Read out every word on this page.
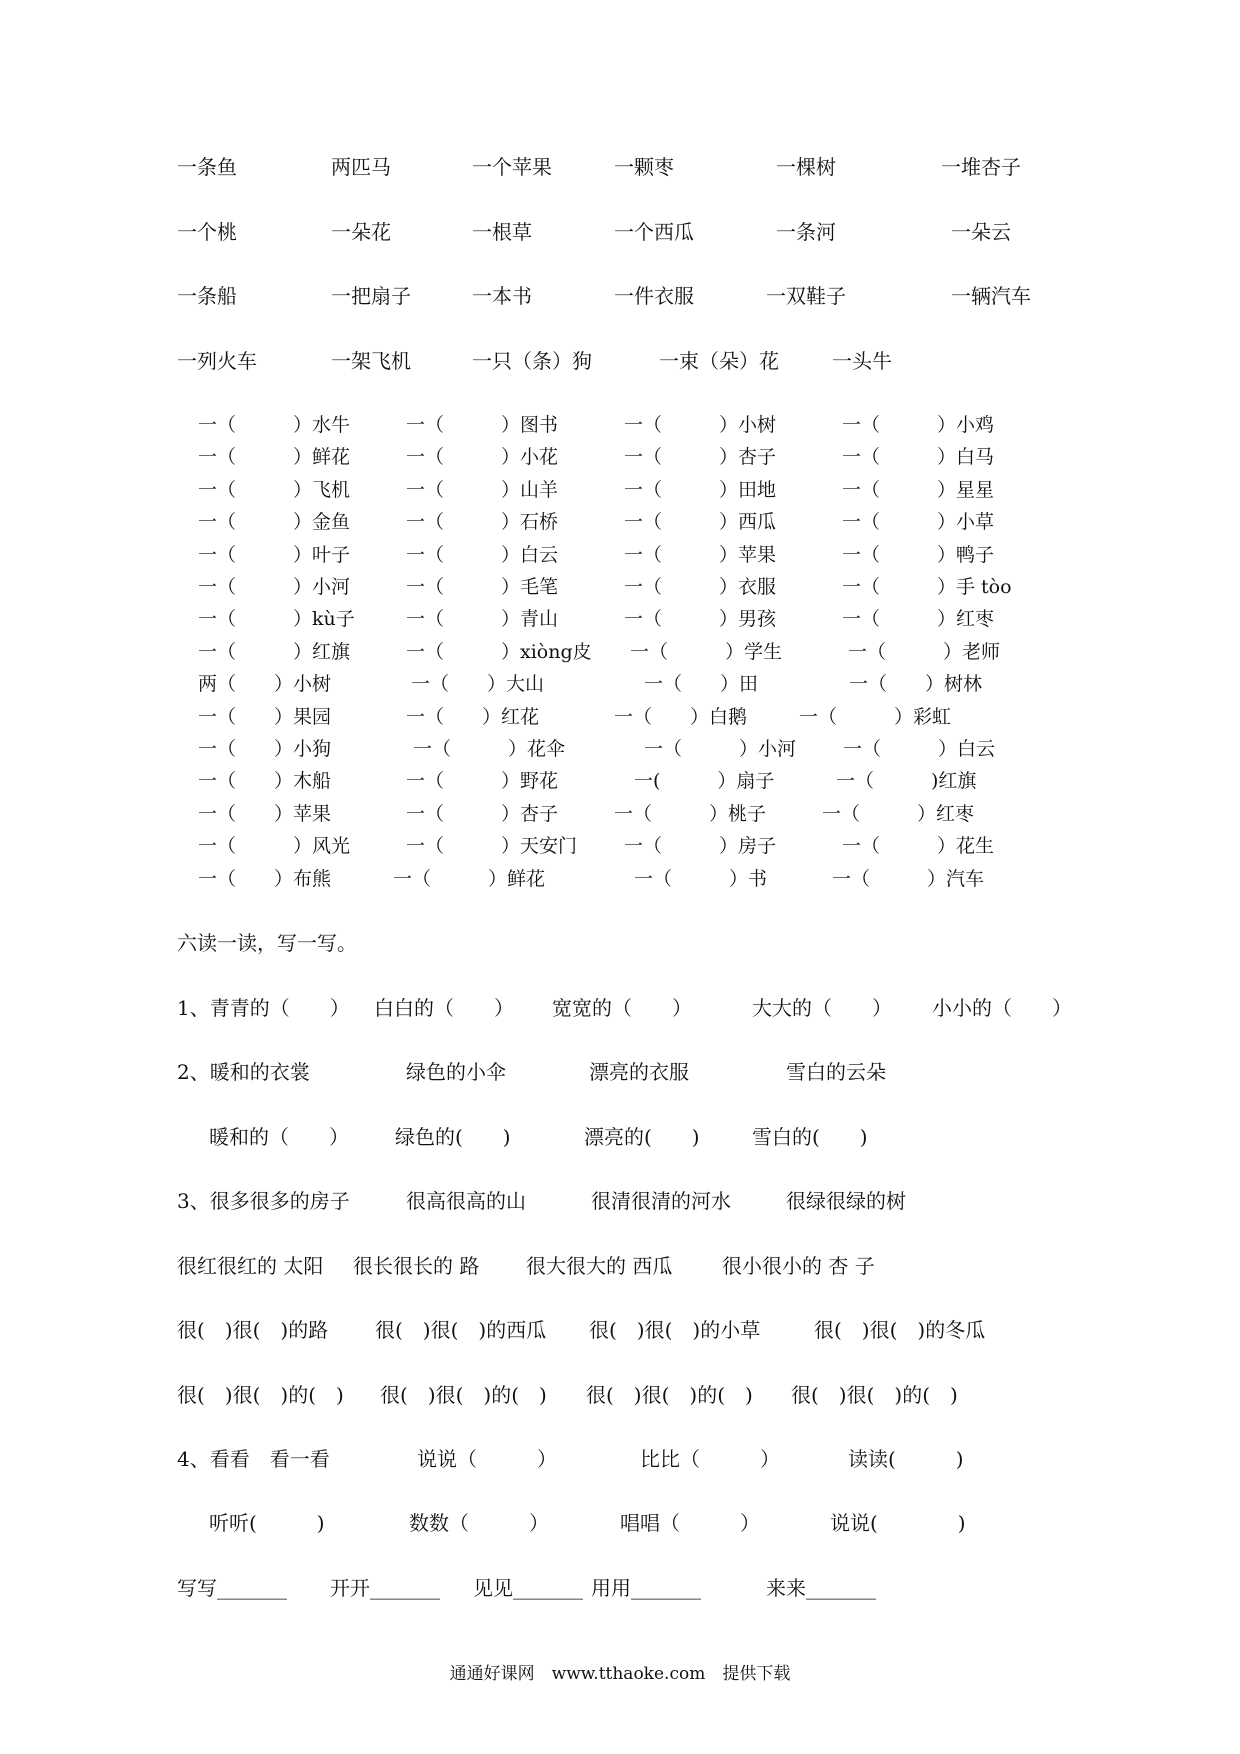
一条鱼	两匹马	一个苹果	一颗枣	一棵树	一堆杏子
一个桃	一朵花	一根草	一个西瓜	一条河	一朵云
一条船	一把扇子	一本书	一件衣服	一双鞋子	一辆汽车
一列火车	一架飞机	一只（条）狗	一束（朵）花	一头牛
一（　　　）水牛	一（　　　）图书	一（　　　）小树	一（　　　）小鸡
一（　　　）鲜花	一（　　　）小花	一（　　　）杏子	一（　　　）白马
一（　　　）飞机	一（　　　）山羊	一（　　　）田地	一（　　　）星星
一（　　　）金鱼	一（　　　）石桥	一（　　　）西瓜	一（　　　）小草
一（　　　）叶子	一（　　　）白云	一（　　　）苹果	一（　　　）鸭子
一（　　　）小河	一（　　　）毛笔	一（　　　）衣服	一（　　　）手 tòo
一（　　　）kù子	一（　　　）青山	一（　　　）男孩	一（　　　）红枣
一（　　　）红旗	一（　　　）xiòng皮 一（　　　）学生	一（　　　）老师
两（　　）小树	一（　　）大山	一（　　）田	一（　　）树林
一（　　）果园	一（　　）红花	一（　　）白鹅	一（　　　）彩虹
一（　　）小狗	一（　　　）花伞	一（　　　）小河 一（　　　）白云
一（　　）木船	一（　　　）野花	一(　　　）扇子	一（　　　)红旗
一（　　）苹果	一（　　　）杏子	一（　　　）桃子	一（　　　）红枣
一（　　　）风光	一（　　　）天安门 一（　　　）房子	一（　　　）花生
一（　　）布熊	一（　　　）鲜花	一（　　　）书	一（　　　）汽车
六读一读，写一写。
1、青青的（　　） 白白的（　　） 宽宽的（　　）	大大的（　　） 小小的（　　）
2、暖和的衣裳	绿色的小伞	漂亮的衣服	雪白的云朵
暖和的（　　） 绿色的(　　)	漂亮的(　　)	雪白的(　　)
3、很多很多的房子	很高很高的山	很清很清的河水	很绿很绿的树
很红很红的 太阳 很长很长的 路 很大很大的 西瓜 很小很小的 杏 子
很(　)很(　)的路 很(　)很(　)的西瓜 很(　)很(　)的小草	很(　)很(　)的冬瓜
很(　)很(　)的(　) 很(　)很(　)的(　) 很(　)很(　)的(　) 很(　)很(　)的(　)
4、看看　看一看	说说（　　　）	比比（　　　）	读读(　　　)
听听(　　　)	数数（　　　）	唱唱（　　　）	说说(　　　　)
写写_______ 开开_______ 见见_______ 用用_______	来来_______
通通好课网　www.tthaoke.com　提供下载
